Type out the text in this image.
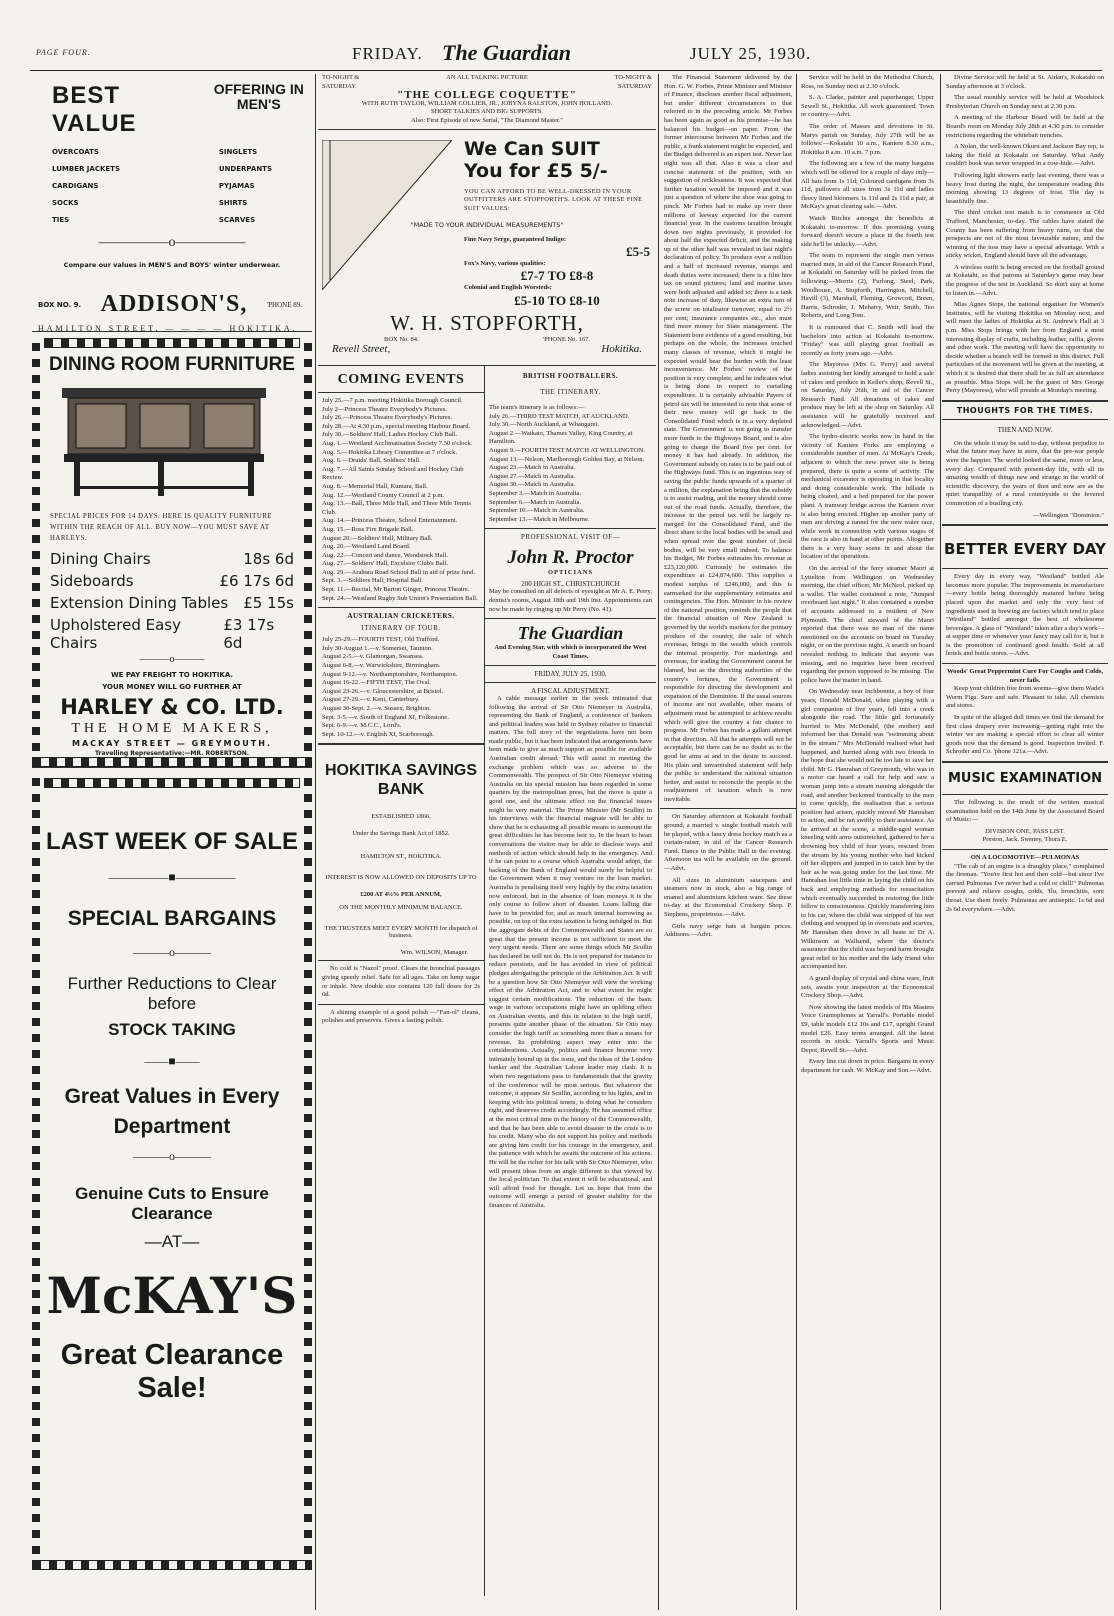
PAGE FOUR.	FRIDAY. The Guardian	JULY 25, 1930.
BEST VALUE
OFFERING IN MEN'S
OVERCOATS
LUMBER JACKETS
CARDIGANS
SOCKS
TIES
SINGLETS
UNDERPANTS
PYJAMAS
SHIRTS
SCARVES
—————o—————
Compare our values in MEN'S and BOYS' winter underwear.
BOX NO. 9. ADDISON'S,	'PHONE 89.
HAMILTON STREET, — — — — HOKITIKA.
DINING ROOM FURNITURE
SPECIAL PRICES FOR 14 DAYS. HERE IS QUALITY FURNITURE WITHIN THE REACH OF ALL. BUY NOW—YOU MUST SAVE AT HARLEYS.
Dining Chairs	18s 6d
Sideboards	£6 17s 6d
Extension Dining Tables £5 15s
Upholstered Easy Chairs
£3 17s 6d
———o———
WE PAY FREIGHT TO HOKITIKA.
YOUR MONEY WILL GO FURTHER AT
HARLEY & CO. LTD.
THE HOME MAKERS,
MACKAY STREET — GREYMOUTH.
Travelling Representative:—MR. ROBERTSON.
LAST WEEK OF SALE
—————■—————
SPECIAL BARGAINS
———o———
Further Reductions to Clear before
STOCK TAKING
——■——
Great Values in Every
Department
———o———
Genuine Cuts to Ensure Clearance
—AT—
McKAY'S
Great Clearance Sale!
TO-NIGHT & SATURDAY
AN ALL TALKING PICTURE	TO-NIGHT & SATURDAY
"THE COLLEGE COQUETTE"
WITH RUTH TAYLOR, WILLIAM COLLIER, JR., JOBYNA RALSTON, JOHN HOLLAND.
SHORT TALKIES AND BIG SUPPORTS.
Also: First Episode of new Serial, "The Diamond Master."
We Can SUIT
You for £5 5/-
YOU CAN AFFORD TO BE WELL-DRESSED IN YOUR OUTFITTERS ARE STOPFORTH'S. LOOK AT THESE FINE SUIT VALUES:
"MADE TO YOUR INDIVIDUAL MEASUREMENTS"
Fine Navy Serge, guaranteed Indigo:
£5-5
Fox's Navy, various qualities:
£7-7 TO £8-8
Colonial and English Worsteds:
£5-10 TO £8-10
W. H. STOPFORTH,
BOX No. 84.	'PHONE No. 167.
Revell Street,	Hokitika.
COMING EVENTS
July 25.—7 p.m. meeting Hokitika Borough Council.
July 2—Princess Theatre Everybody's Pictures.
July 26.—Princess Theatre Everybody's Pictures.
July 28.—At 4.30 p.m., special meeting Harbour Board.
July 30.—Soldiers' Hall, Ladies Hockey Club Ball.
Aug. 1.—Westland Acclimatisation Society 7.30 o'clock.
Aug. 5.—Hokitika Library Committee at 7 o'clock.
Aug. 6.—Druids' Ball, Soldiers' Hall.
Aug. 7.—All Saints Sunday School and Hockey Club Review.
Aug. 8.—Memorial Hall, Kumara, Ball.
Aug. 12.—Westland County Council at 2 p.m.
Aug. 13.—Ball, Three Mile Hall, and Three Mile Tennis Club.
Aug. 14.—Princess Theatre, School Entertainment.
Aug. 15.—Ross Fire Brigade Ball.
August 20.—Soldiers' Hall, Military Ball.
Aug. 20.—Westland Land Board.
Aug. 22.—Concert and dance, Woodstock Hall.
Aug. 27.—Soldiers' Hall, Excelsior Club's Ball.
Aug. 29.—Arahura Road School Ball in aid of prize fund.
Sept. 3.—Soldiers Hall, Hospital Ball.
Sept. 11.—Recital, Mr Barton Ginger, Princess Theatre.
Sept. 24.—Westland Rugby Sub Union's Presentation Ball.
AUSTRALIAN CRICKETERS.
ITINERARY OF TOUR.
July 25-29.—FOURTH TEST, Old Trafford.
July 30-August 1.—v. Somerset, Taunton.
August 2-5.—v. Glamorgan, Swansea.
August 6-8.—v. Warwickshire, Birmingham.
August 9-12.—v. Northamptonshire, Northampton.
August 16-22.—FIFTH TEST, The Oval.
August 23-26.—v. Gloucestershire, at Bristol.
August 27-29.—v. Kent, Canterbury.
August 30-Sept. 2.—v. Sussex, Brighton.
Sept. 3-5.—v. South of England XI, Folkestone.
Sept. 6-9.—v. M.C.C., Lord's.
Sept. 10-12.—v. English XI, Scarborough.
HOKITIKA SAVINGS BANK
ESTABLISHED 1866.
Under the Savings Bank Act of 1852.
HAMILTON ST., HOKITIKA.
INTEREST IS NOW ALLOWED ON DEPOSITS UP TO
£200 AT 4½% PER ANNUM,
ON THE MONTHLY MINIMUM BALANCE.
THE TRUSTEES MEET EVERY MONTH for dispatch of business.
Wm. WILSON, Manager.

No cold is "Nazol" proof. Clears the bronchial passages giving speedy relief. Safe for all ages. Take on lump sugar or inhale. New double size contains 120 full doses for 2s 6d.

A shining example of a good polish —"Fan-ol" cleans, polishes and preserves. Gives a lasting polish.

BRITISH FOOTBALLERS.
THE ITINERARY.
The team's itinerary is as follows:—
July 26.—THIRD TEST MATCH, AT AUCKLAND.
July 30.—North Auckland, at Whangarei.
August 2.—Waikato, Thames Valley, King Country, at Hamilton.
August 9.—FOURTH TEST MATCH AT WELLINGTON.
August 13.—Nelson, Marlborough Golden Bay, at Nelson.
August 23.—Match in Australia.
August 27.—Match in Australia.
August 30.—Match in Australia.
September 3.—Match in Australia.
September 6.—Match in Australia.
September 10.—Match in Australia.
September 13.—Match in Melbourne.
PROFESSIONAL VISIT OF—
John R. Proctor
OPTICIANS
200 HIGH ST., CHRISTCHURCH

May be consulted on all defects of eyesight at Mr A. E. Perry, dentist's rooms, August 18th and 19th inst. Appointments can now be made by ringing up Mr Perry (No. 41).

The Guardian
And Evening Star, with which is incorporated the West Coast Times.
FRIDAY, JULY 25, 1930.
A FISCAL ADJUSTMENT.

A cable message earlier in the week intimated that following the arrival of Sir Otto Niemeyer in Australia, representing the Bank of England, a conference of bankers and political leaders was held in Sydney relative to financial matters. The full story of the negotiations have not been made public, but it has been indicated that arrangements have been made to give as much support as possible for available Australian credit abroad. This will assist in meeting the exchange problem which was so adverse to the Commonwealth. The prospect of Sir Otto Niemeyer visiting Australia on his special mission has been regarded in some quarters by the metropolitan press, but the move is quite a good one, and the ultimate effect on the financial issues might be very material. The Prime Minister (Mr Scullin) in his interviews with the financial magnate will be able to show that he is exhausting all possible means to surmount the great difficulties he has become heir to. In the heart to heart conversations the visitor may be able to disclose ways and methods of action which should help in the emergency. And if he can point to a course which Australia would adopt, the backing of the Bank of England would surely be helpful to the Government when it may venture on the loan market. Australia is penalising itself very highly by the extra taxation now enforced, but in the absence of loan moneys it is the only course to follow short of disaster. Loans falling due have to be provided for, and as much internal borrowing as possible, on top of the extra taxation is being indulged in. But the aggregate debts of the Commonwealth and States are so great that the present income is not sufficient to meet the very urgent needs. There are some things which Mr Scullin has declared he will not do. He is not prepared for instance to reduce pensions, and he has avoided in view of political pledges abrogating the principle of the Arbitration Act. It will be a question how Sir Otto Niemeyer will view the working effect of the Arbitration Act, and to what extent he might suggest certain modifications. The reduction of the basic wage in various occupations might have an uplifting effect on Australian events, and this in relation to the high tariff, presents quite another phase of the situation. Sir Otto may consider the high tariff as something more than a means for revenue. Its prohibiting aspect may enter into the considerations. Actually, politics and finance become very intimately bound up in the issue, and the ideas of the London banker and the Australian Labour leader may clash. It is when two negotiations pass to fundamentals that the gravity of the conference will be most serious. But whatever the outcome, it appears Sir Scullin, according to his lights, and in keeping with his political tenets, is doing what he considers right, and deserves credit accordingly. He has assumed office at the most critical time in the history of the Commonwealth, and that he has been able to avoid disaster in the crisis is to his credit. Many who do not support his policy and methods are giving him credit for his courage in the emergency, and the patience with which he awaits the outcome of his actions. He will be the richer for his talk with Sir Otto Niemeyer, who will present ideas from an angle different to that viewed by the local politician. To that extent it will be educational, and will afford food for thought. Let us hope that from the outcome will emerge a period of greater stability for the finances of Australia.

The Financial Statement delivered by the Hon. G. W. Forbes, Prime Minister and Minister of Finance, discloses another fiscal adjustment, but under different circumstances to that referred to in the preceding article. Mr Forbes has been again as good as his promise—he has balanced his budget—on paper. From the former intercourse between Mr Forbes and the public, a frank statement might be expected, and the Budget delivered is an expert test. Never last night was all that. Also it was a clear and concise statement of the position, with no suggestion of recklessness. It was expected that further taxation would be imposed and it was just a question of where the shoe was going to pinch. Mr Forbes had to make up over three millions of leeway expected for the current financial year. In the customs taxation brought down two nights previously, it provided for about half the expected deficit, and the making up of the other half was revealed in last night's declaration of policy. To produce over a million and a half of increased revenue, stamps and death duties were increased; there is a film hire tax on sound pictures; land and marine taxes were both adjusted and added to; there is a tank note increase of duty, likewise an extra turn of the screw on totalisator turnover, equal to 2½ per cent; insurance companies etc., also must find more money for State management. The Statement bore evidence of a good resulting, but perhaps on the whole, the increases touched many classes of revenue, which it might be expected would bear the burden with the least inconvenience. Mr Forbes' review of the position is very complete, and he indicates what is being done in respect to curtailing expenditure. It is certainly advisable Payers of petrol tax will be interested to note that some of their new money will go back to the Consolidated Fund which is in a very depleted state. The Government is not going to transfer more funds to the Highways Board, and is also going to charge the Board five per cent. for money it has had already. In addition, the Government subsidy on rates is to be paid out of the Highways fund. This is an ingenious way of saving the public funds upwards of a quarter of a million, the explanation being that the subsidy is to assist roading, and the money should come out of the road funds. Actually, therefore, the increase in the petrol tax will be largely re-merged for the Consolidated Fund, and the direct share to the local bodies will be small and when spread over the great number of local bodies, will be very small indeed. To balance his Budget, Mr Forbes estimates his revenue at £23,120,000. Curiously he estimates the expenditure at £24,874,600. This supplies a modest surplus of £246,000, and this is earmarked for the supplementary estimates and contingencies. The Hon. Minister in his review of the national position, reminds the people that the financial situation of New Zealand is governed by the world's markets for the primary produce of the country, the sale of which overseas, brings in the wealth which controls the internal prosperity. For marketings and overseas, for trading the Government cannot be blamed, but as the directing authorities of the country's fortunes, the Government is responsible for directing the development and expansion of the Dominion. If the usual sources of income are not available, other means of adjustment must be attempted to achieve results which will give the country a fair chance to progress. Mr Forbes has made a gallant attempt in that direction. All that he attempts will not be acceptable, but there can be no doubt as to the good he aims at and to the desire to succeed. His plain and unvarnished statement will help the public to understand the national situation better, and assist to reconcile the people to the readjustment of taxation which is now inevitable.

On Saturday afternoon at Kokatahi football ground, a married v. single football match will be played, with a fancy dress hockey match as a curtain-raiser, in aid of the Cancer Research Fund. Dance in the Public Hall in the evening. Afternoon tea will be available on the ground.—Advt.

All sizes in aluminium saucepans and steamers now in stock, also a big range of enamel and aluminium kitchen ware. See these to-day at the Economical Crockery Shop. P. Stephens, proprietress.—Advt.

Girls navy serge hats at bargain prices. Addisons.—Advt.

Service will be held in the Methodist Church, Ross, on Sunday next at 2.30 o'clock.

S. A. Clarke, painter and paperhanger, Upper Sewell St., Hokitika. All work guaranteed. Town or country.—Advt.

The order of Masses and devotions in St. Marys parish on Sunday, July 27th will be as follows:—Kokatahi 10 a.m., Kaniere 8.30 a.m., Hokitika 8 a.m. 10 a.m. 7 p.m.

The following are a few of the many bargains which will be offered for a couple of days only—All hats from 1s 11d; Coloured cardigans from 3s 11d, pullovers all sizes from 3s 11d and ladies fleecy lined bloomers 1s 11d and 2s 11d a pair, at McKay's great clearing sale.—Advt.

Watch Ritchie amongst the benedicts at Kokatahi to-morrow. If this promising young forward doesn't secure a place in the fourth test side he'll be unlucky.—Advt.

The team to represent the single men versus married men, in aid of the Cancer Research Fund, at Kokatahi on Saturday will be picked from the following:—Morris (2), Furlong, Steel, Park, Woolhouse, A. Stopforth, Harrington, Mitchell, Havill (3), Marshall, Fleming, Growcott, Breen, Harris, Schroder, J. Meharry, Weir, Smith, Teo Roberts, and Long Tom.

It is rumoured that C. Smith will lead the bachelors into action at Kokatahi to-morrow. "Friday" was still playing great football as recently as forty years ago.—Advt.

The Mayoress (Mrs G. Perry) and several ladies assisting her kindly arranged to hold a sale of cakes and produce in Keller's shop, Revell St., on Saturday, July 26th, in aid of the Cancer Research Fund. All donations of cakes and produce may be left at the shop on Saturday. All assistance will be gratefully received and acknowledged.—Advt.

The hydro-electric works now in hand in the vicinity of Kaniere Forks are employing a considerable number of men. At McKay's Creek, adjacent to which the new power site is being prepared, there is quite a scene of activity. The mechanical excavator is operating in that locality and doing considerable work. The hillside is being cleared, and a bed prepared for the power plant. A tramway bridge across the Kaniere river is also being erected. Higher up another party of men are driving a tunnel for the new water race, while work in connection with various stages of the race is also in hand at other points. Altogether there is a very busy scene in and about the location of the operations.

On the arrival of the ferry steamer Maori at Lyttelton from Wellington on Wednesday morning, the chief officer, Mr McNeol, picked up a wallet. The wallet contained a note, "Jumped overboard last night." It also contained a number of accounts addressed to a resident of New Plymouth. The chief steward of the Maori reported that there was no man of the name mentioned on the accounts on board on Tuesday night, or on the previous night. A search on board revealed nothing to indicate that anyone was missing, and no inquiries have been received regarding the person supposed to be missing. The police have the matter in hand.

On Wednesday near Inchbonnie, a boy of four years, Donald McDonald, when playing with a girl companion of five years, fell into a creek alongside the road. The little girl fortunately hurried to Mrs McDonald, (the mother) and informed her that Donald was "swimming about in the stream." Mrs McDonald realised what had happened, and hurried along with two friends in the hope that she would not be too late to save her child. Mr G. Hanrahan of Greymouth, who was in a motor car heard a call for help and saw a woman jump into a stream running alongside the road, and another beckoned frantically to the men to come quickly, the realisation that a serious position had arisen, quickly moved Mr Hanrahan to action, and he ran swiftly to their assistance. As he arrived at the scene, a middle-aged woman kneeling with arms outstretched, gathered to her a drowning boy child of four years, rescued from the stream by his young mother who had kicked off her slippers and jumped in to catch him by the hair as he was going under for the last time. Mr Hanrahan lost little time in laying the child on his back and employing methods for resuscitation which eventually succeeded in restoring the little fellow to consciousness. Quickly transferring him to his car, where the child was stripped of his wet clothing and wrapped up in overcoats and scarves, Mr Hanrahan then drove in all haste to Dr A. Wilkinson at Wallsend, where the doctor's assurance that the child was beyond harm brought great relief to his mother and the lady friend who accompanied her.

A grand display of crystal and china ware, fruit sets, awaits your inspection at the Economical Crockery Shop.—Advt.

Now showing the latest models of His Masters Voice Gramophones at Yarrall's. Portable model £9, table models £12 10s and £17, upright Grand model £26. Easy terms arranged. All the latest records in stock. Yarrall's Sports and Music Depot, Revell St.—Advt.

Every line cut down in price. Bargains in every department for cash. W. McKay and Son.—Advt.

Divine Service will be held at St. Aidan's, Kokatahi on Sunday afternoon at 3 o'clock.

The usual monthly service will be held at Woodstock Presbyterian Church on Sunday next at 2.30 p.m.

A meeting of the Harbour Board will be held at the Board's room on Monday July 28th at 4.30 p.m. to consider restrictions regarding the whitebait trenches.

A Nolan, the well-known Okuru and Jackson Bay rep, is taking the field at Kokatahi on Saturday. What Andy couldn't book was never wrapped in a cow-hide.—Advt.

Following light showers early last evening, there was a heavy frost during the night, the temperature reading this morning showing 13 degrees of frost. The day is beautifully fine.

The third cricket test match is to commence at Old Trafford, Manchester, to-day. The cables have stated the County has been suffering from heavy rains, so that the prospects are not of the most favourable nature, and the winning of the toss may have a special advantage. With a sticky wicket, England should have all the advantage.

A wireless outfit is being erected on the football ground at Kokatahi, so that patrons at Saturday's game may hear the progress of the test in Auckland. So don't stay at home to listen in.—Advt.

Miss Agnes Stops, the national organiser for Women's Institutes, will be visiting Hokitika on Monday next, and will meet the ladies of Hokitika at St. Andrew's Hall at 3 p.m. Miss Stops brings with her from England a most interesting display of crafts, including leather, raffia, gloves and other work. The meeting will have the opportunity to decide whether a branch will be formed in this district. Full particulars of the movement will be given at the meeting, at which it is desired that there shall be as full an attendance as possible. Miss Stops will be the guest of Mrs George Perry (Mayoress), who will preside at Monday's meeting.

THOUGHTS FOR THE TIMES.
THEN AND NOW.

On the whole it may be said to-day, without prejudice to what the future may have in store, that the pre-war people were the happier. The world looked the same, more or less, every day. Compared with present-day life, with all its amazing wealth of things new and strange in the world of scientific discovery, the years of then and now are as the quiet tranquillity of a rural countryside to the fevered commotion of a bustling city.

—Wellington "Dominion."
BETTER EVERY DAY

Every day in every way, "Westland" bottled Ale becomes more popular. The improvements in manufacture—every bottle being thoroughly matured before being placed upon the market and only the very best of ingredients used in brewing are factors which tend to place "Westland" bottled amongst the best of wholesome beverages. A glass of "Westland" taken after a day's work—at supper time or whenever your fancy may call for it, but it is the promotion of continued good health. Sold at all hotels and bottle stores.—Advt.

Woods' Great Peppermint Cure For Coughs and Colds, never fails.

Keep your children free from worms—give them Wade's Worm Figs. Sure and safe. Pleasant to take. All chemists and stores.

In spite of the alleged dull times we find the demand for first class drapery ever increasing—getting right into the winter we are making a special effort to clear all winter goods now that the demand is good. Inspection invited. F. Schroder and Co. 'phone 121a.—Advt.

MUSIC EXAMINATION

The following is the result of the written musical examination held on the 14th June by the Associated Board of Music:—

DIVISION ONE, PASS LIST.
Preston, Jack. Sweney, Thora E.
ON A LOCOMOTIVE—PULMONAS

"The cab of an engine is a draughty place," complained the fireman. "You're first hot and then cold—but since I've carried Pulmonas I've never had a cold or chill!" Pulmonas prevent and relieve coughs, colds, 'flu, bronchitis, sore throat. Use them freely. Pulmonas are antiseptic. 1s 6d and 2s 6d everywhere.—Advt.
